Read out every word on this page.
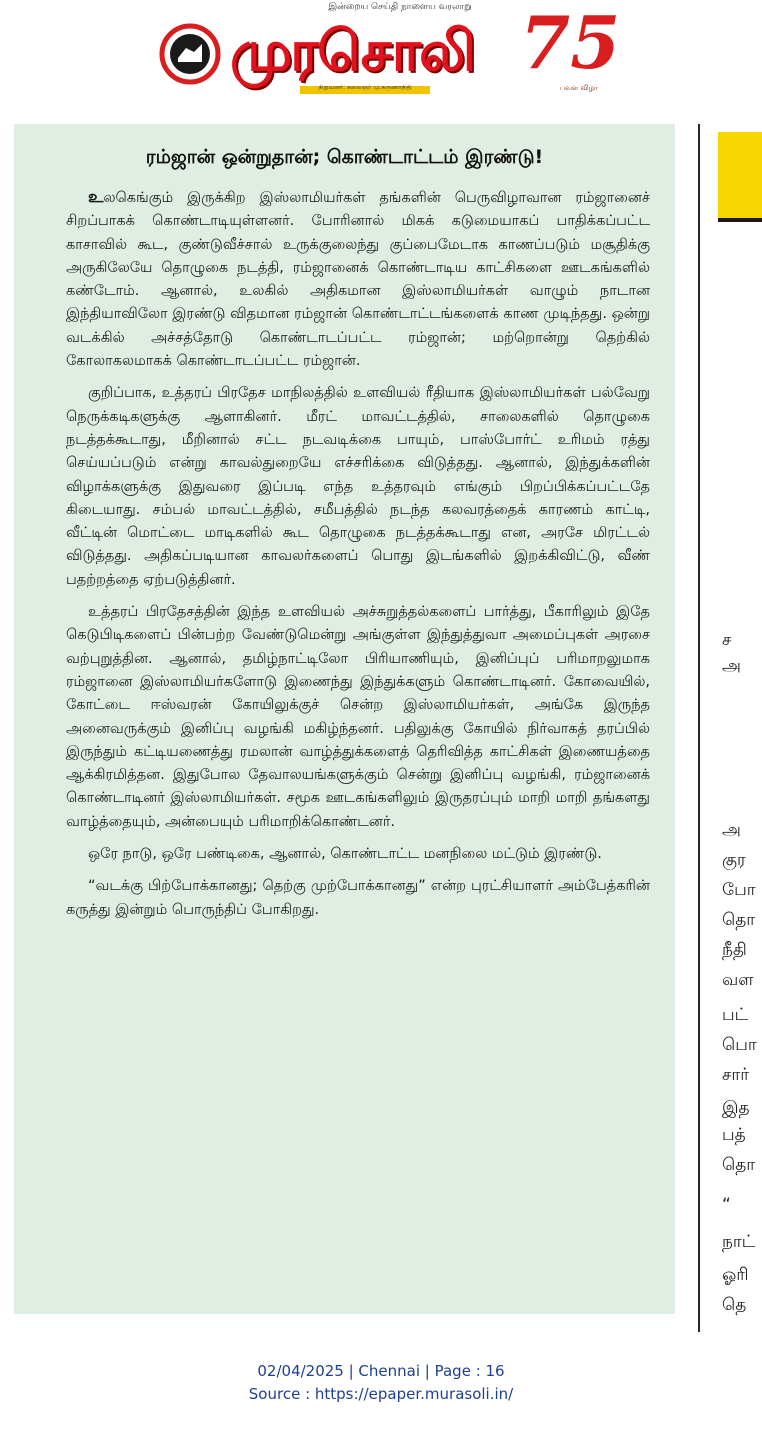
இன்றைய செய்தி நாளைய வரலாறு
முரசொலி
நிறுவனர்: கலைஞர் மு.கருணாநிதி
75
பவள விழா
ரம்ஜான் ஒன்றுதான்; கொண்டாட்டம் இரண்டு!

உலகெங்கும் இருக்கிற இஸ்லாமியர்கள் தங்களின் பெருவிழாவான ரம்ஜானைச் சிறப்பாகக் கொண்டாடியுள்ளனர். போரினால் மிகக் கடுமையாகப் பாதிக்கப்பட்ட காசாவில் கூட, குண்டுவீச்சால் உருக்குலைந்து குப்பைமேடாக காணப்படும் மசூதிக்கு அருகிலேயே தொழுகை நடத்தி, ரம்ஜானைக் கொண்டாடிய காட்சிகளை ஊடகங்களில் கண்டோம். ஆனால், உலகில் அதிகமான இஸ்லாமியர்கள் வாழும் நாடான இந்தியாவிலோ இரண்டு விதமான ரம்ஜான் கொண்டாட்டங்களைக் காண முடிந்தது. ஒன்று வடக்கில் அச்சத்தோடு கொண்டாடப்பட்ட ரம்ஜான்; மற்றொன்று தெற்கில் கோலாகலமாகக் கொண்டாடப்பட்ட ரம்ஜான்.

குறிப்பாக, உத்தரப் பிரதேச மாநிலத்தில் உளவியல் ரீதியாக இஸ்லாமியர்கள் பல்வேறு நெருக்கடிகளுக்கு ஆளாகினர். மீரட் மாவட்டத்தில், சாலைகளில் தொழுகை நடத்தக்கூடாது, மீறினால் சட்ட நடவடிக்கை பாயும், பாஸ்போர்ட் உரிமம் ரத்து செய்யப்படும் என்று காவல்துறையே எச்சரிக்கை விடுத்தது. ஆனால், இந்துக்களின் விழாக்களுக்கு இதுவரை இப்படி எந்த உத்தரவும் எங்கும் பிறப்பிக்கப்பட்டதே கிடையாது. சம்பல் மாவட்டத்தில், சமீபத்தில் நடந்த கலவரத்தைக் காரணம் காட்டி, வீட்டின் மொட்டை மாடிகளில் கூட தொழுகை நடத்தக்கூடாது என, அரசே மிரட்டல் விடுத்தது. அதிகப்படியான காவலர்களைப் பொது இடங்களில் இறக்கிவிட்டு, வீண் பதற்றத்தை ஏற்படுத்தினர்.

உத்தரப் பிரதேசத்தின் இந்த உளவியல் அச்சுறுத்தல்களைப் பார்த்து, பீகாரிலும் இதே கெடுபிடிகளைப் பின்பற்ற வேண்டுமென்று அங்குள்ள இந்துத்துவா அமைப்புகள் அரசை வற்புறுத்தின. ஆனால், தமிழ்நாட்டிலோ பிரியாணியும், இனிப்புப் பரிமாறலுமாக ரம்ஜானை இஸ்லாமியர்களோடு இணைந்து இந்துக்களும் கொண்டாடினர். கோவையில், கோட்டை ஈஸ்வரன் கோயிலுக்குச் சென்ற இஸ்லாமியர்கள், அங்கே இருந்த அனைவருக்கும் இனிப்பு வழங்கி மகிழ்ந்தனர். பதிலுக்கு கோயில் நிர்வாகத் தரப்பில் இருந்தும் கட்டியணைத்து ரமலான் வாழ்த்துக்களைத் தெரிவித்த காட்சிகள் இணையத்தை ஆக்கிரமித்தன. இதுபோல தேவாலயங்களுக்கும் சென்று இனிப்பு வழங்கி, ரம்ஜானைக் கொண்டாடினர் இஸ்லாமியர்கள். சமூக ஊடகங்களிலும் இருதரப்பும் மாறி மாறி தங்களது வாழ்த்தையும், அன்பையும் பரிமாறிக்கொண்டனர்.

ஒரே நாடு, ஒரே பண்டிகை, ஆனால், கொண்டாட்ட மனநிலை மட்டும் இரண்டு.

“வடக்கு பிற்போக்கானது; தெற்கு முற்போக்கானது” என்ற புரட்சியாளர் அம்பேத்கரின் கருத்து இன்றும் பொருந்திப் போகிறது.

ச
அ
அ
குர
போ
தொ
நீதி
வள
பட்
பொ
சார்
இத
பத்
தொ
“
நாட்
ஓரி
தெ
02/04/2025 | Chennai | Page : 16
Source : https://epaper.murasoli.in/
